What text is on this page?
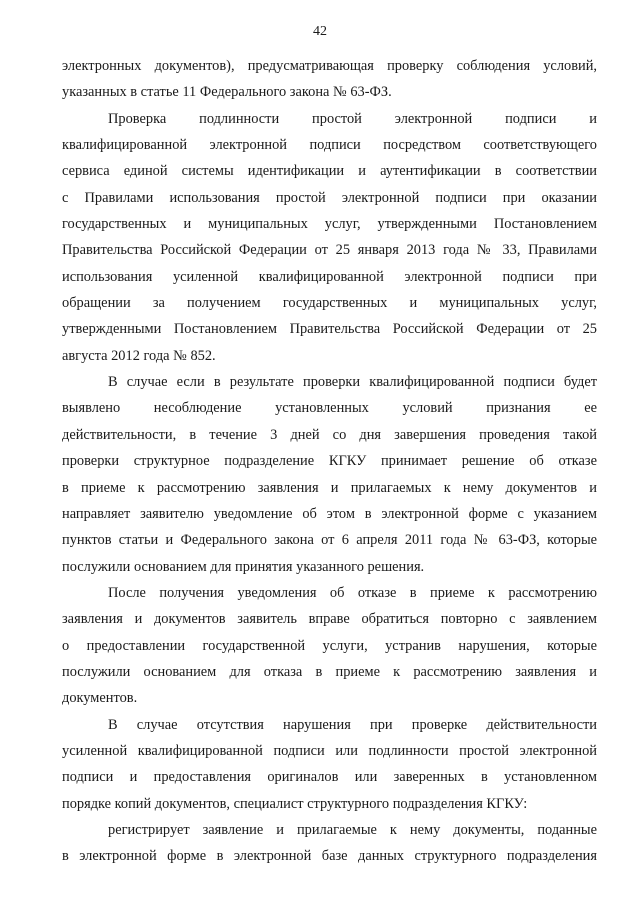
42
электронных документов), предусматривающая проверку соблюдения условий,
указанных в статье 11 Федерального закона № 63-ФЗ.
Проверка подлинности простой электронной подписи и
квалифицированной электронной подписи посредством соответствующего
сервиса единой системы идентификации и аутентификации в соответствии
с Правилами использования простой электронной подписи при оказании
государственных и муниципальных услуг, утвержденными Постановлением
Правительства Российской Федерации от 25 января 2013 года № 33, Правилами
использования усиленной квалифицированной электронной подписи при
обращении за получением государственных и муниципальных услуг,
утвержденными Постановлением Правительства Российской Федерации от 25
августа 2012 года № 852.
В случае если в результате проверки квалифицированной подписи будет
выявлено несоблюдение установленных условий признания ее
действительности, в течение 3 дней со дня завершения проведения такой
проверки структурное подразделение КГКУ принимает решение об отказе
в приеме к рассмотрению заявления и прилагаемых к нему документов и
направляет заявителю уведомление об этом в электронной форме с указанием
пунктов статьи и Федерального закона от 6 апреля 2011 года № 63-ФЗ, которые
послужили основанием для принятия указанного решения.
После получения уведомления об отказе в приеме к рассмотрению
заявления и документов заявитель вправе обратиться повторно с заявлением
о предоставлении государственной услуги, устранив нарушения, которые
послужили основанием для отказа в приеме к рассмотрению заявления и
документов.
В случае отсутствия нарушения при проверке действительности
усиленной квалифицированной подписи или подлинности простой электронной
подписи и предоставления оригиналов или заверенных в установленном
порядке копий документов, специалист структурного подразделения КГКУ:
регистрирует заявление и прилагаемые к нему документы, поданные
в электронной форме в электронной базе данных структурного подразделения
